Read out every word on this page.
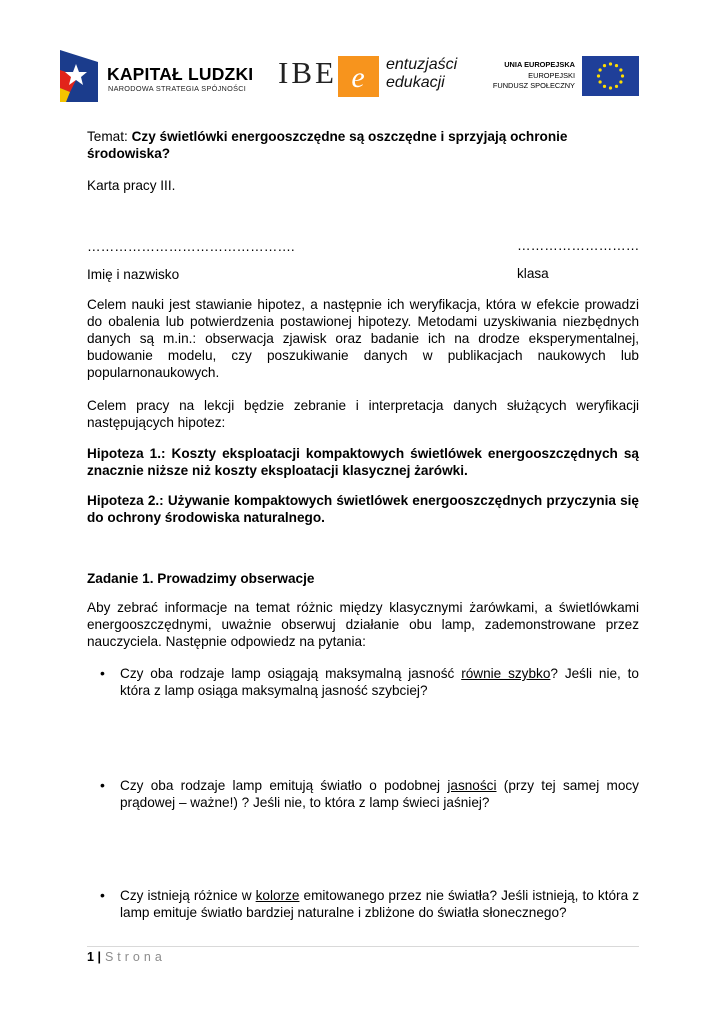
KAPITAŁ LUDZKI
NARODOWA STRATEGIA SPÓJNOŚCI IBE e entuzjaści
edukacji
UNIA EUROPEJSKA
EUROPEJSKI
FUNDUSZ SPOŁECZNY
Temat: Czy świetlówki energooszczędne są oszczędne i sprzyjają ochronie
środowiska?
Karta pracy III.
……………………………………….	………………………
Imię i nazwisko	klasa
Celem nauki jest stawianie hipotez, a następnie ich weryfikacja, która w efekcie prowadzi do obalenia lub potwierdzenia postawionej hipotezy. Metodami uzyskiwania niezbędnych danych są m.in.: obserwacja zjawisk oraz badanie ich na drodze eksperymentalnej, budowanie modelu, czy poszukiwanie danych w publikacjach naukowych lub popularnonaukowych.
Celem pracy na lekcji będzie zebranie i interpretacja danych służących weryfikacji następujących hipotez:
Hipoteza 1.: Koszty eksploatacji kompaktowych świetlówek energooszczędnych są znacznie niższe niż koszty eksploatacji klasycznej żarówki.
Hipoteza 2.: Używanie kompaktowych świetlówek energooszczędnych przyczynia się do ochrony środowiska naturalnego.
Zadanie 1. Prowadzimy obserwacje
Aby zebrać informacje na temat różnic między klasycznymi żarówkami, a świetlówkami energooszczędnymi, uważnie obserwuj działanie obu lamp, zademonstrowane przez nauczyciela. Następnie odpowiedz na pytania:
• Czy oba rodzaje lamp osiągają maksymalną jasność równie szybko? Jeśli nie, to która z lamp osiąga maksymalną jasność szybciej?
• Czy oba rodzaje lamp emitują światło o podobnej jasności (przy tej samej mocy prądowej – ważne!) ? Jeśli nie, to która z lamp świeci jaśniej?
• Czy istnieją różnice w kolorze emitowanego przez nie światła? Jeśli istnieją, to która z lamp emituje światło bardziej naturalne i zbliżone do światła słonecznego?
1 | Strona
